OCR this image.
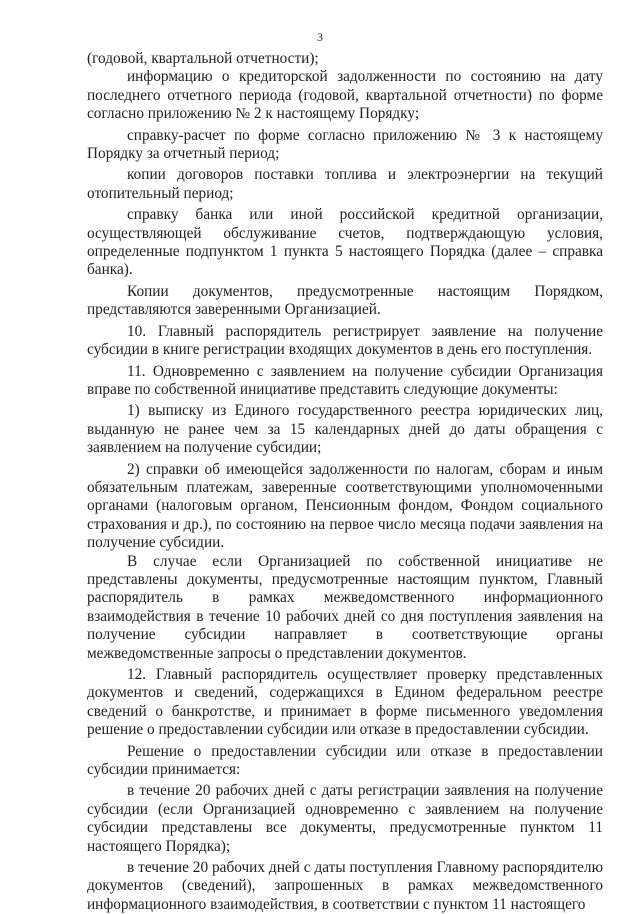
3

(годовой, квартальной отчетности);

информацию о кредиторской задолженности по состоянию на дату последнего отчетного периода (годовой, квартальной отчетности) по форме согласно приложению № 2 к настоящему Порядку;

справку-расчет по форме согласно приложению № 3 к настоящему Порядку за отчетный период;

копии договоров поставки топлива и электроэнергии на текущий отопительный период;

справку банка или иной российской кредитной организации, осуществляющей обслуживание счетов, подтверждающую условия, определенные подпунктом 1 пункта 5 настоящего Порядка (далее – справка банка).

Копии документов, предусмотренные настоящим Порядком, представляются заверенными Организацией.

10. Главный распорядитель регистрирует заявление на получение субсидии в книге регистрации входящих документов в день его поступления.

11. Одновременно с заявлением на получение субсидии Организация вправе по собственной инициативе представить следующие документы:

1) выписку из Единого государственного реестра юридических лиц, выданную не ранее чем за 15 календарных дней до даты обращения с заявлением на получение субсидии;

2) справки об имеющейся задолженности по налогам, сборам и иным обязательным платежам, заверенные соответствующими уполномоченными органами (налоговым органом, Пенсионным фондом, Фондом социального страхования и др.), по состоянию на первое число месяца подачи заявления на получение субсидии.

В случае если Организацией по собственной инициативе не представлены документы, предусмотренные настоящим пунктом, Главный распорядитель в рамках межведомственного информационного взаимодействия в течение 10 рабочих дней со дня поступления заявления на получение субсидии направляет в соответствующие органы межведомственные запросы о представлении документов.

12. Главный распорядитель осуществляет проверку представленных документов и сведений, содержащихся в Едином федеральном реестре сведений о банкротстве, и принимает в форме письменного уведомления решение о предоставлении субсидии или отказе в предоставлении субсидии.

Решение о предоставлении субсидии или отказе в предоставлении субсидии принимается:

в течение 20 рабочих дней с даты регистрации заявления на получение субсидии (если Организацией одновременно с заявлением на получение субсидии представлены все документы, предусмотренные пунктом 11 настоящего Порядка);

в течение 20 рабочих дней с даты поступления Главному распорядителю документов (сведений), запрошенных в рамках межведомственного информационного взаимодействия, в соответствии с пунктом 11 настоящего
